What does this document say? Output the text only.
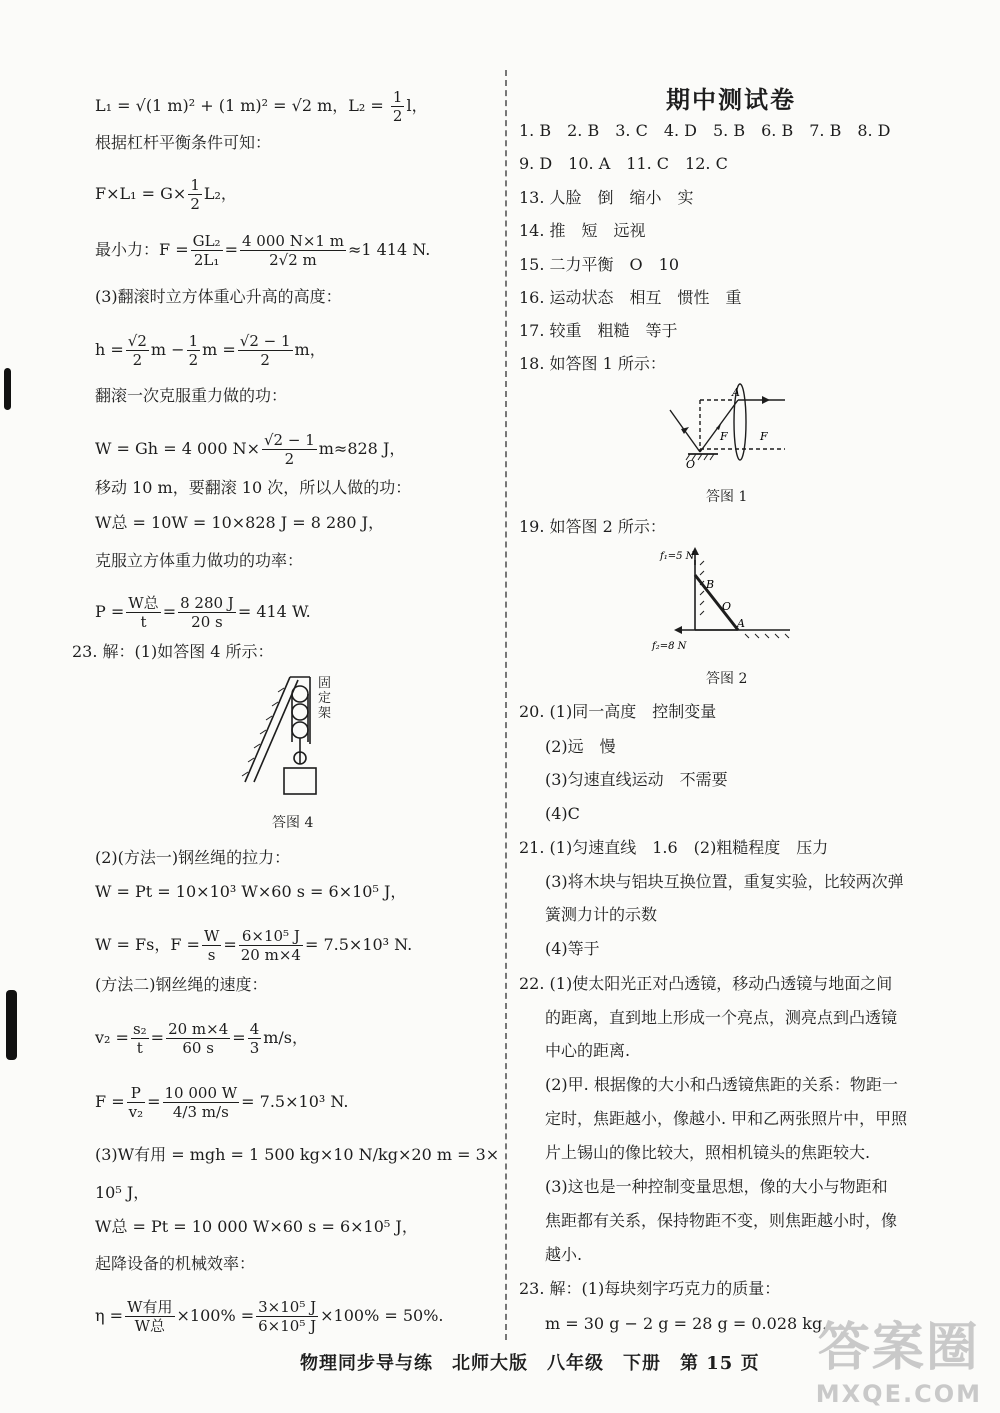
L₁ = √(1 m)² + (1 m)² = √2 m，$L_2 = \frac{1}{2}$ l，
根据杠杆平衡条件可知：
$F\times L_1 = G\times \frac{1}{2} L_2$，
最小力：$F = \frac{\text{GL₂}}{\text{2L₁}} = \frac{4 000 N\times 1 m}{2√2 m} \approx 1$ 414 N.
(3)翻滚时立方体重心升高的高度：
$h = \frac{√2}{2}$ $m - \frac{1}{2}$ $m = \frac{√2 - 1}{2}$ m，
翻滚一次克服重力做的功：
W = Gh = 4 000 $N\times \frac{√2 - 1}{2} m\approx 828$ J，
移动 10 m，要翻滚 10 次，所以人做的功：
W总 = 10W = 10×828 J = 8 280 J，
克服立方体重力做功的功率：
P = W总
t
= $\frac{8 280 J}{20 s} = 414$ W.
23. 解：(1)如答图 4 所示：
固定架
答图 4
(2)(方法一)钢丝绳的拉力：
W = Pt = 10×10³ W×60 s = 6×10⁵ J，
W = Fs，$F = \frac{W}{s} = \frac{\text{6×10⁵ J}}{20 m\times 4} = 7.5\times 10^3$ N.
(方法二)钢丝绳的速度：
$v_2 = \frac{\text{s₂}}{t} = \frac{20 m\times 4}{60 s} = \frac{4}{3} m/s$，
$F = \frac{P}{\text{v₂}} = \frac{10 000 W}{4/3 m/s} = 7.5\times 10^3$ N.
(3)W有用 = mgh = 1 500 kg×10 N/kg×20 m = 3×
10⁵ J，
W总 = Pt = 10 000 W×60 s = 6×10⁵ J，
起降设备的机械效率：
η = W有用
W总
$\times 100\% = \frac{\text{3×10⁵ J}}{\text{6×10⁵ J}} \times 100\% = 50\%$.
期中测试卷
1. B　2. B　3. C　4. D　5. B　6. B　7. B　8. D
9. D　10. A　11. C　12. C
13. 人脸　倒　缩小　实
14. 推　短　远视
15. 二力平衡　O　10
16. 运动状态　相互　惯性　重
17. 较重　粗糙　等于
18. 如答图 1 所示：
A
F	F
O
答图 1
19. 如答图 2 所示：
f₁=5 N
f₂=8 N
B
O
A
答图 2
20. (1)同一高度　控制变量
(2)远　慢
(3)匀速直线运动　不需要
(4)C
21. (1)匀速直线　1.6　(2)粗糙程度　压力
(3)将木块与铝块互换位置，重复实验，比较两次弹
簧测力计的示数
(4)等于
22. (1)使太阳光正对凸透镜，移动凸透镜与地面之间
的距离，直到地上形成一个亮点，测亮点到凸透镜
中心的距离.
(2)甲. 根据像的大小和凸透镜焦距的关系：物距一
定时，焦距越小，像越小. 甲和乙两张照片中，甲照
片上锡山的像比较大，照相机镜头的焦距较大.
(3)这也是一种控制变量思想，像的大小与物距和
焦距都有关系，保持物距不变，则焦距越小时，像
越小.
23. 解：(1)每块刻字巧克力的质量：
m = 30 g − 2 g = 28 g = 0.028 kg，
物理同步导与练　北师大版　八年级　下册　第 15 页 答案圈
MXQE.COM
